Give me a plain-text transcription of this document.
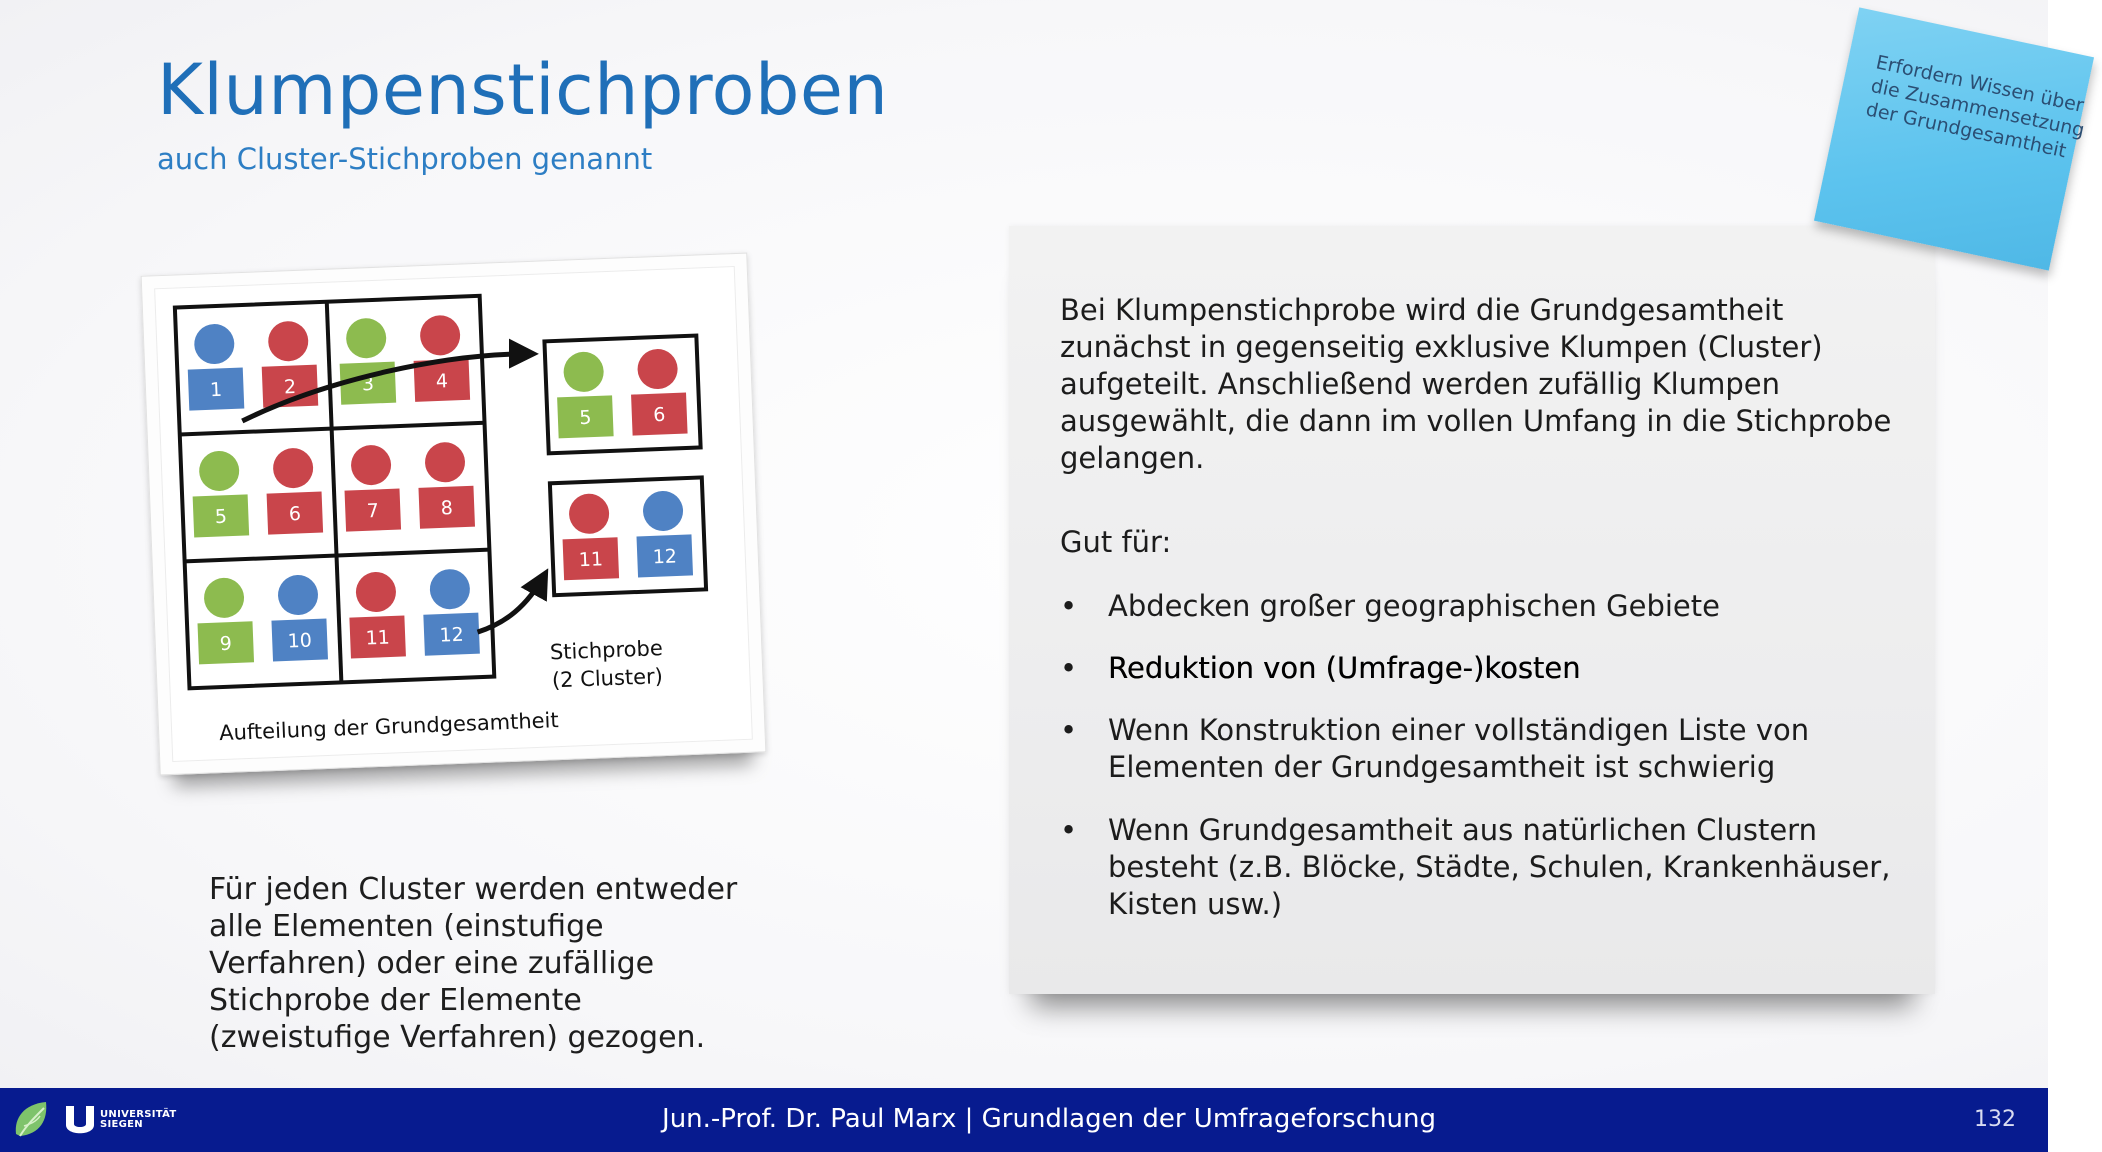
Klumpenstichproben
auch Cluster-Stichproben genannt
1	2	3	4
5	6	7	8
9	10	11	12
5	6
11	12
Aufteilung der Grundgesamtheit
Stichprobe
(2 Cluster)
Für jeden Cluster werden entweder alle Elementen (einstufige Verfahren) oder eine zufällige Stichprobe der Elemente (zweistufige Verfahren) gezogen.
Bei Klumpenstichprobe wird die Grundgesamtheit zunächst in gegenseitig exklusive Klumpen (Cluster) aufgeteilt. Anschließend werden zufällig Klumpen ausgewählt, die dann im vollen Umfang in die Stichprobe gelangen.
Gut für:
•	Abdecken großer geographischen Gebiete
•	Reduktion von (Umfrage-)kosten
•	Wenn Konstruktion einer vollständigen Liste von Elementen der Grundgesamtheit ist schwierig
•	Wenn Grundgesamtheit aus natürlichen Clustern besteht (z.B. Blöcke, Städte, Schulen, Krankenhäuser, Kisten usw.)
Erfordern Wissen über die Zusammensetzung der Grundgesamtheit
UNIVERSITÄT
SIEGEN	Jun.-Prof. Dr. Paul Marx | Grundlagen der Umfrageforschung	132
